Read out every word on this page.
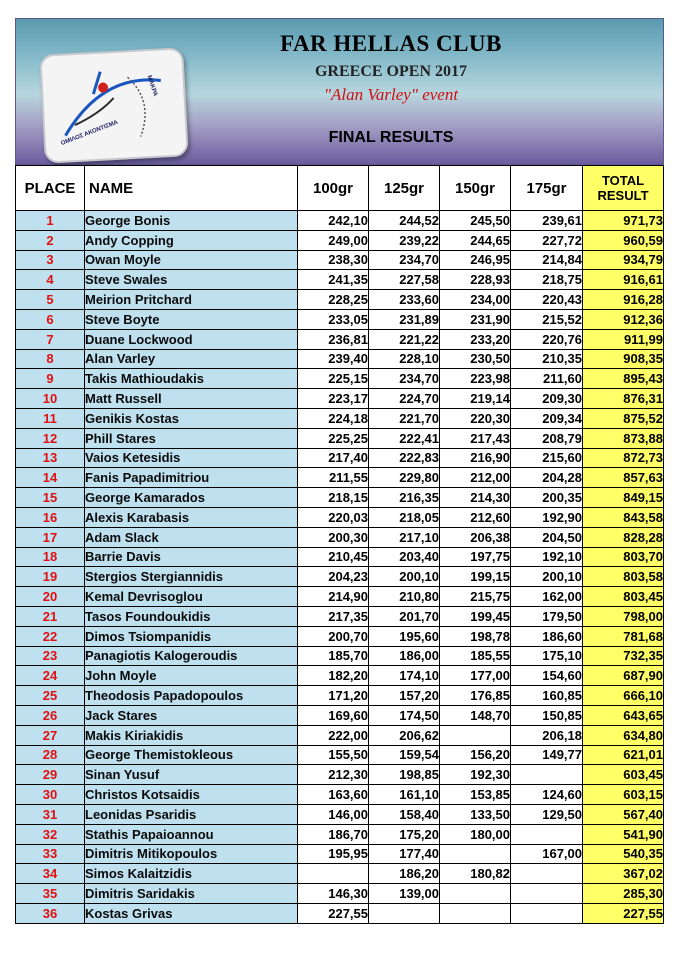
ΟΜΙΛΟΣ ΑΚΟΝΤΙΣΜΑ
ΜΑΚΡΑ
FAR HELLAS CLUB
GREECE OPEN 2017
"Alan Varley" event
FINAL RESULTS
PLACE	NAME	100gr	125gr	150gr	175gr	TOTAL
RESULT
1	George Bonis	242,10	244,52	245,50	239,61	971,73
2	Andy Copping	249,00	239,22	244,65	227,72	960,59
3	Owan Moyle	238,30	234,70	246,95	214,84	934,79
4	Steve Swales	241,35	227,58	228,93	218,75	916,61
5	Meirion Pritchard	228,25	233,60	234,00	220,43	916,28
6	Steve Boyte	233,05	231,89	231,90	215,52	912,36
7	Duane Lockwood	236,81	221,22	233,20	220,76	911,99
8	Alan Varley	239,40	228,10	230,50	210,35	908,35
9	Takis Mathioudakis	225,15	234,70	223,98	211,60	895,43
10	Matt Russell	223,17	224,70	219,14	209,30	876,31
11	Genikis Kostas	224,18	221,70	220,30	209,34	875,52
12	Phill Stares	225,25	222,41	217,43	208,79	873,88
13	Vaios Ketesidis	217,40	222,83	216,90	215,60	872,73
14	Fanis Papadimitriou	211,55	229,80	212,00	204,28	857,63
15	George Kamarados	218,15	216,35	214,30	200,35	849,15
16	Alexis Karabasis	220,03	218,05	212,60	192,90	843,58
17	Adam Slack	200,30	217,10	206,38	204,50	828,28
18	Barrie Davis	210,45	203,40	197,75	192,10	803,70
19	Stergios Stergiannidis	204,23	200,10	199,15	200,10	803,58
20	Kemal Devrisoglou	214,90	210,80	215,75	162,00	803,45
21	Tasos Foundoukidis	217,35	201,70	199,45	179,50	798,00
22	Dimos Tsiompanidis	200,70	195,60	198,78	186,60	781,68
23	Panagiotis Kalogeroudis	185,70	186,00	185,55	175,10	732,35
24	John Moyle	182,20	174,10	177,00	154,60	687,90
25	Theodosis Papadopoulos	171,20	157,20	176,85	160,85	666,10
26	Jack Stares	169,60	174,50	148,70	150,85	643,65
27	Makis Kiriakidis	222,00	206,62		206,18	634,80
28	George Themistokleous	155,50	159,54	156,20	149,77	621,01
29	Sinan Yusuf	212,30	198,85	192,30		603,45
30	Christos Kotsaidis	163,60	161,10	153,85	124,60	603,15
31	Leonidas Psaridis	146,00	158,40	133,50	129,50	567,40
32	Stathis Papaioannou	186,70	175,20	180,00		541,90
33	Dimitris Mitikopoulos	195,95	177,40		167,00	540,35
34	Simos Kalaitzidis		186,20	180,82		367,02
35	Dimitris Saridakis	146,30	139,00			285,30
36	Kostas Grivas	227,55				227,55
